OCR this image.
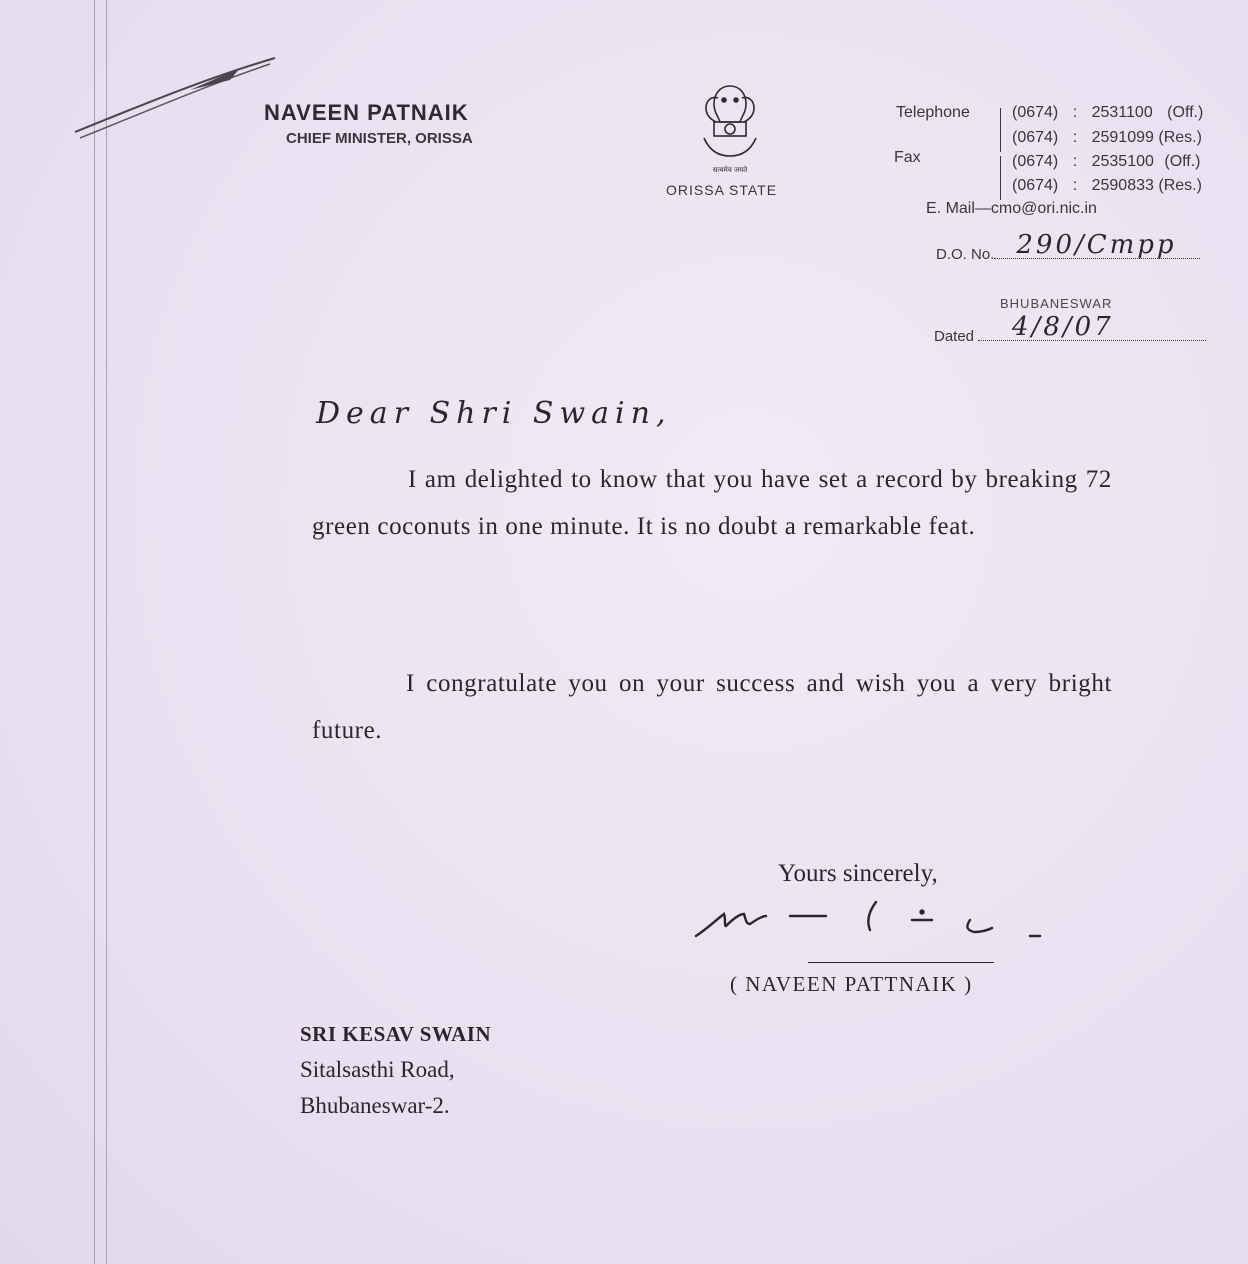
NAVEEN PATNAIK
CHIEF MINISTER, ORISSA
सत्यमेव जयते
ORISSA STATE
Telephone	(0674) : 2531100 (Off.)
(0674) : 2591099 (Res.)
Fax	(0674) : 2535100 (Off.)
(0674) : 2590833 (Res.)
E. Mail—cmo@ori.nic.in
D.O. No. 290/Cmpp
BHUBANESWAR
Dated 4/8/07
Dear Shri Swain,
I am delighted to know that you have set a record by breaking 72 green coconuts in one minute. It is no doubt a remarkable feat.
I congratulate you on your success and wish you a very bright future.
Yours sincerely,
( NAVEEN PATTNAIK )
SRI KESAV SWAIN
Sitalsasthi Road,
Bhubaneswar-2.
